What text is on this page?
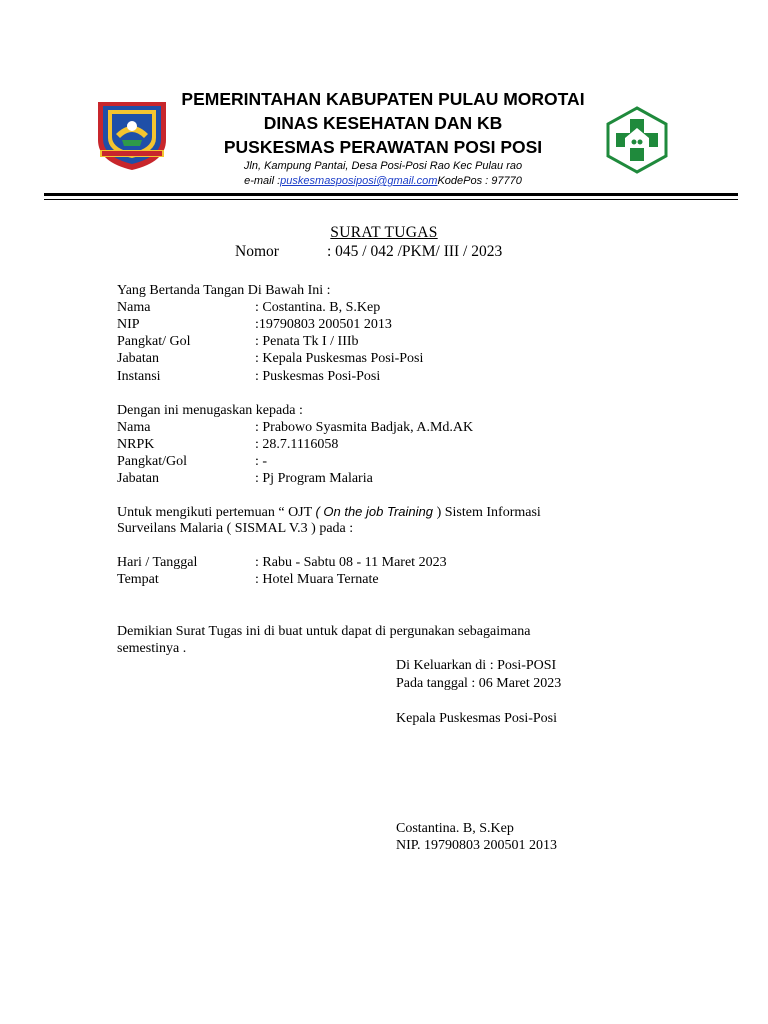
PEMERINTAHAN KABUPATEN PULAU MOROTAI
DINAS KESEHATAN DAN KB
PUSKESMAS PERAWATAN POSI POSI
Jln, Kampung Pantai, Desa Posi-Posi Rao Kec Pulau rao
e-mail :puskesmasposiposi@gmail.comKodePos : 97770
SURAT TUGAS
Nomor	: 045 / 042 /PKM/ III / 2023
Yang Bertanda Tangan Di Bawah Ini :
Nama	: Costantina. B, S.Kep
NIP	:19790803 200501 2013
Pangkat/ Gol	: Penata Tk I / IIIb
Jabatan	: Kepala Puskesmas Posi-Posi
Instansi	: Puskesmas Posi-Posi
Dengan ini menugaskan kepada :
Nama	: Prabowo Syasmita Badjak, A.Md.AK
NRPK	: 28.7.1116058
Pangkat/Gol	: -
Jabatan	: Pj Program Malaria
Untuk mengikuti pertemuan “ OJT ( On the job Training ) Sistem Informasi
Surveilans Malaria ( SISMAL V.3 ) pada :
Hari / Tanggal	: Rabu - Sabtu 08 - 11 Maret 2023
Tempat	: Hotel Muara Ternate
Demikian Surat Tugas ini di buat untuk dapat di pergunakan sebagaimana
semestinya .
Di Keluarkan di : Posi-POSI
Pada tanggal : 06 Maret 2023
Kepala Puskesmas Posi-Posi
Costantina. B, S.Kep
NIP. 19790803 200501 2013
